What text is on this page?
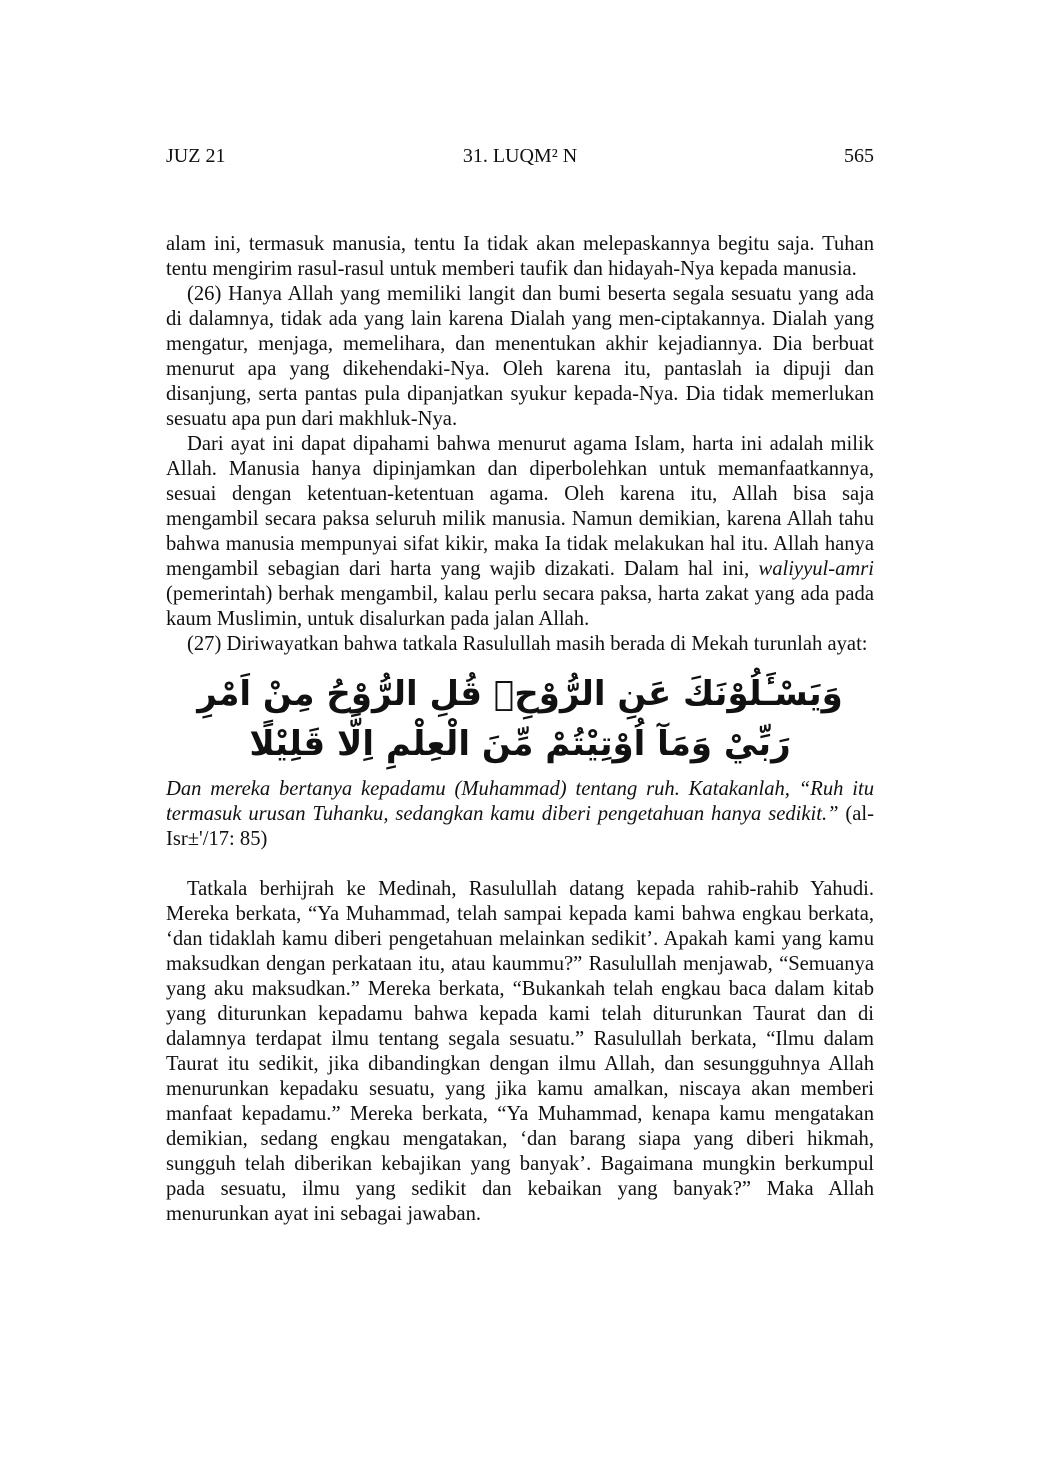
JUZ 21	31. LUQM² N	565

alam ini, termasuk manusia, tentu Ia tidak akan melepaskannya begitu saja. Tuhan tentu mengirim rasul-rasul untuk memberi taufik dan hidayah-Nya kepada manusia.

(26) Hanya Allah yang memiliki langit dan bumi beserta segala sesuatu yang ada di dalamnya, tidak ada yang lain karena Dialah yang men-ciptakannya. Dialah yang mengatur, menjaga, memelihara, dan menentukan akhir kejadiannya. Dia berbuat menurut apa yang dikehendaki-Nya. Oleh karena itu, pantaslah ia dipuji dan disanjung, serta pantas pula dipanjatkan syukur kepada-Nya. Dia tidak memerlukan sesuatu apa pun dari makhluk-Nya.

Dari ayat ini dapat dipahami bahwa menurut agama Islam, harta ini adalah milik Allah. Manusia hanya dipinjamkan dan diperbolehkan untuk memanfaatkannya, sesuai dengan ketentuan-ketentuan agama. Oleh karena itu, Allah bisa saja mengambil secara paksa seluruh milik manusia. Namun demikian, karena Allah tahu bahwa manusia mempunyai sifat kikir, maka Ia tidak melakukan hal itu. Allah hanya mengambil sebagian dari harta yang wajib dizakati. Dalam hal ini, waliyyul-amri (pemerintah) berhak mengambil, kalau perlu secara paksa, harta zakat yang ada pada kaum Muslimin, untuk disalurkan pada jalan Allah.

(27) Diriwayatkan bahwa tatkala Rasulullah masih berada di Mekah turunlah ayat:

وَيَسْـَٔلُوْنَكَ عَنِ الرُّوْحِۗ قُلِ الرُّوْحُ مِنْ اَمْرِ رَبِّيْ وَمَآ اُوْتِيْتُمْ مِّنَ الْعِلْمِ اِلَّا قَلِيْلًا

Dan mereka bertanya kepadamu (Muhammad) tentang ruh. Katakanlah, “Ruh itu termasuk urusan Tuhanku, sedangkan kamu diberi pengetahuan hanya sedikit.” (al- Isr±'/17: 85)

Tatkala berhijrah ke Medinah, Rasulullah datang kepada rahib-rahib Yahudi. Mereka berkata, “Ya Muhammad, telah sampai kepada kami bahwa engkau berkata, ‘dan tidaklah kamu diberi pengetahuan melainkan sedikit’. Apakah kami yang kamu maksudkan dengan perkataan itu, atau kaummu?” Rasulullah menjawab, “Semuanya yang aku maksudkan.” Mereka berkata, “Bukankah telah engkau baca dalam kitab yang diturunkan kepadamu bahwa kepada kami telah diturunkan Taurat dan di dalamnya terdapat ilmu tentang segala sesuatu.” Rasulullah berkata, “Ilmu dalam Taurat itu sedikit, jika dibandingkan dengan ilmu Allah, dan sesungguhnya Allah menurunkan kepadaku sesuatu, yang jika kamu amalkan, niscaya akan memberi manfaat kepadamu.” Mereka berkata, “Ya Muhammad, kenapa kamu mengatakan demikian, sedang engkau mengatakan, ‘dan barang siapa yang diberi hikmah, sungguh telah diberikan kebajikan yang banyak’. Bagaimana mungkin berkumpul pada sesuatu, ilmu yang sedikit dan kebaikan yang banyak?” Maka Allah menurunkan ayat ini sebagai jawaban.
